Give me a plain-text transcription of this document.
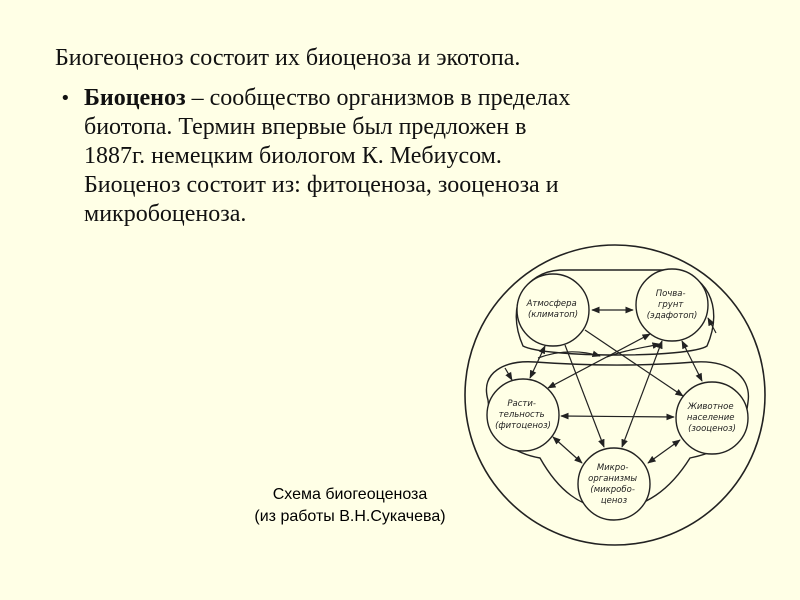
Биогеоценоз состоит их биоценоза и экотопа.

• Биоценоз – сообщество организмов в пределах
биотопа. Термин впервые был предложен в
1887г. немецким биологом К. Мебиусом.
Биоценоз состоит из: фитоценоза, зооценоза и
микробоценоза.
Атмосфера (климатоп)
Почва- грунт (эдафотоп)
Расти- тельность (фитоценоз)
Животное население (зооценоз)
Микро- организмы (микробо- ценоз
Схема биогеоценоза
(из работы В.Н.Сукачева)
